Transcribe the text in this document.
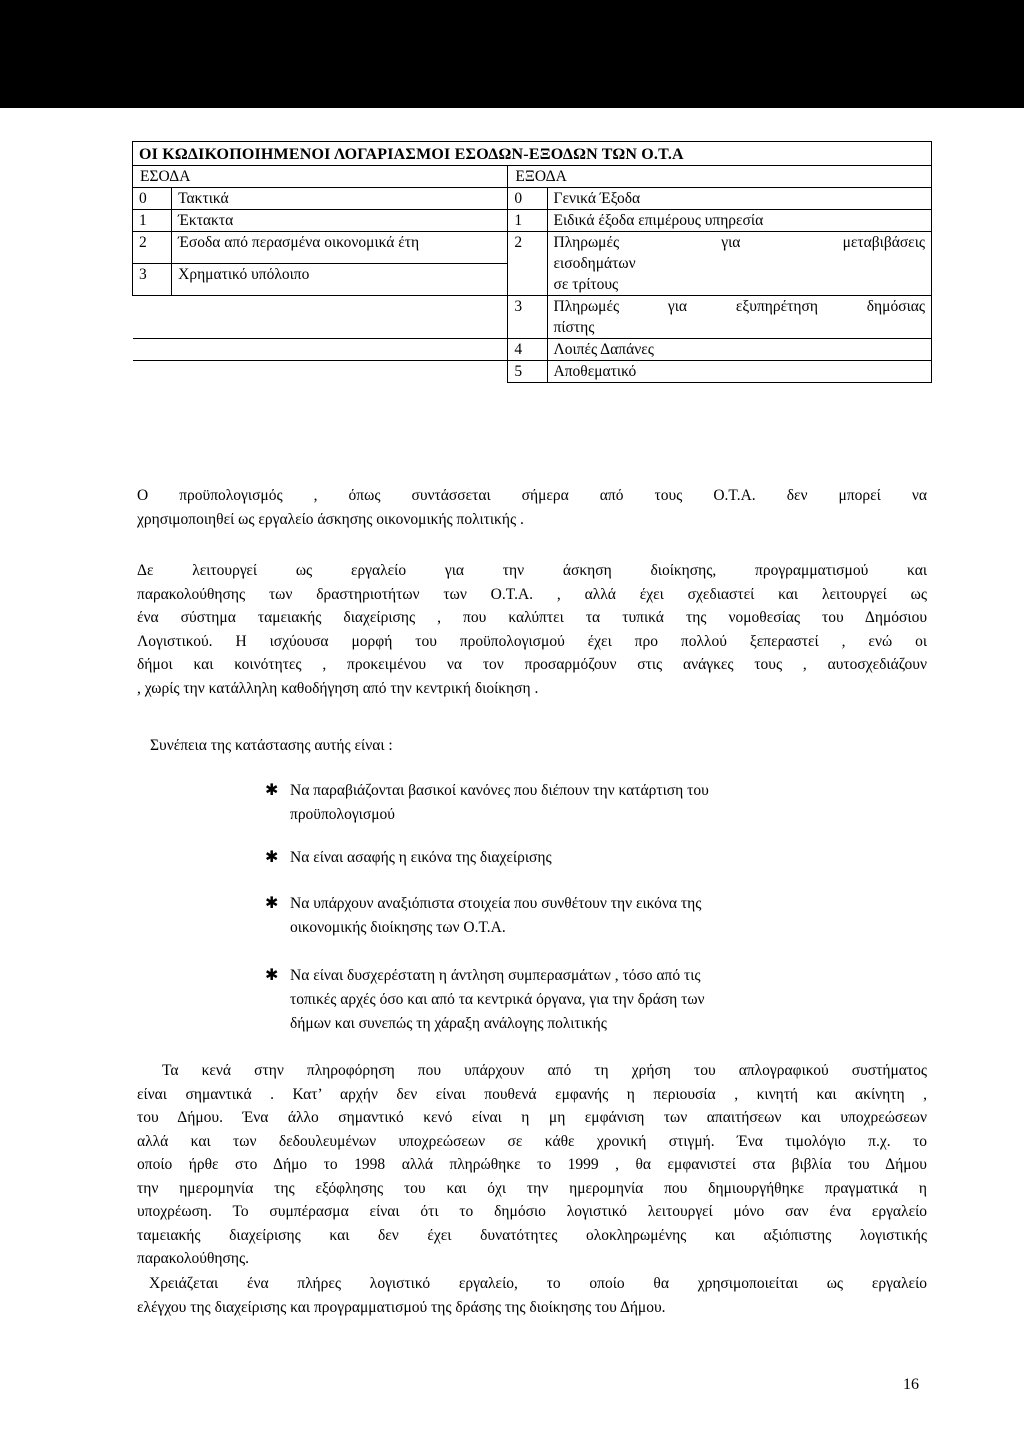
ΟΙ ΚΩΔΙΚΟΠΟΙΗΜΕΝΟΙ ΛΟΓΑΡΙΑΣΜΟΙ ΕΣΟΔΩΝ-ΕΞΟΔΩΝ ΤΩΝ Ο.Τ.Α			
ΕΣΟΔΑ		ΕΞΟΔΑ	
0	Τακτικά	0	Γενικά Έξοδα
1	Έκτακτα	1	Ειδικά έξοδα επιμέρους υπηρεσία
2	Έσοδα από περασμένα οικονομικά έτη	2	Πληρωμές για μεταβιβάσεις
εισοδημάτων
σε τρίτους

3	Χρηματικό υπόλοιπο		
		3	Πληρωμές για εξυπηρέτηση δημόσιας
πίστης

		4	Λοιπές Δαπάνες
		5	Αποθεματικό
Ο προϋπολογισμός , όπως συντάσσεται σήμερα από τους Ο.Τ.Α. δεν μπορεί να
χρησιμοποιηθεί ως εργαλείο άσκησης οικονομικής πολιτικής .
Δε λειτουργεί ως εργαλείο για την άσκηση διοίκησης, προγραμματισμού και
παρακολούθησης των δραστηριοτήτων των Ο.Τ.Α. , αλλά έχει σχεδιαστεί και λειτουργεί ως
ένα σύστημα ταμειακής διαχείρισης , που καλύπτει τα τυπικά της νομοθεσίας του Δημόσιου
Λογιστικού. Η ισχύουσα μορφή του προϋπολογισμού έχει προ πολλού ξεπεραστεί , ενώ οι
δήμοι και κοινότητες , προκειμένου να τον προσαρμόζουν στις ανάγκες τους , αυτοσχεδιάζουν
, χωρίς την κατάλληλη καθοδήγηση από την κεντρική διοίκηση .
Συνέπεια της κατάστασης αυτής είναι :
✱ Να παραβιάζονται βασικοί κανόνες που διέπουν την κατάρτιση του
προϋπολογισμού
✱ Να είναι ασαφής η εικόνα της διαχείρισης
✱ Να υπάρχουν αναξιόπιστα στοιχεία που συνθέτουν την εικόνα της
οικονομικής διοίκησης των Ο.Τ.Α.
✱ Να είναι δυσχερέστατη η άντληση συμπερασμάτων , τόσο από τις
τοπικές αρχές όσο και από τα κεντρικά όργανα, για την δράση των
δήμων και συνεπώς τη χάραξη ανάλογης πολιτικής
Τα κενά στην πληροφόρηση που υπάρχουν από τη χρήση του απλογραφικού συστήματος
είναι σημαντικά . Κατ’ αρχήν δεν είναι πουθενά εμφανής η περιουσία , κινητή και ακίνητη ,
του Δήμου. Ένα άλλο σημαντικό κενό είναι η μη εμφάνιση των απαιτήσεων και υποχρεώσεων
αλλά και των δεδουλευμένων υποχρεώσεων σε κάθε χρονική στιγμή. Ένα τιμολόγιο π.χ. το
οποίο ήρθε στο Δήμο το 1998 αλλά πληρώθηκε το 1999 , θα εμφανιστεί στα βιβλία του Δήμου
την ημερομηνία της εξόφλησης του και όχι την ημερομηνία που δημιουργήθηκε πραγματικά η
υποχρέωση. Το συμπέρασμα είναι ότι το δημόσιο λογιστικό λειτουργεί μόνο σαν ένα εργαλείο
ταμειακής διαχείρισης και δεν έχει δυνατότητες ολοκληρωμένης και αξιόπιστης λογιστικής
παρακολούθησης.
Χρειάζεται ένα πλήρες λογιστικό εργαλείο, το οποίο θα χρησιμοποιείται ως εργαλείο
ελέγχου της διαχείρισης και προγραμματισμού της δράσης της διοίκησης του Δήμου.
16
